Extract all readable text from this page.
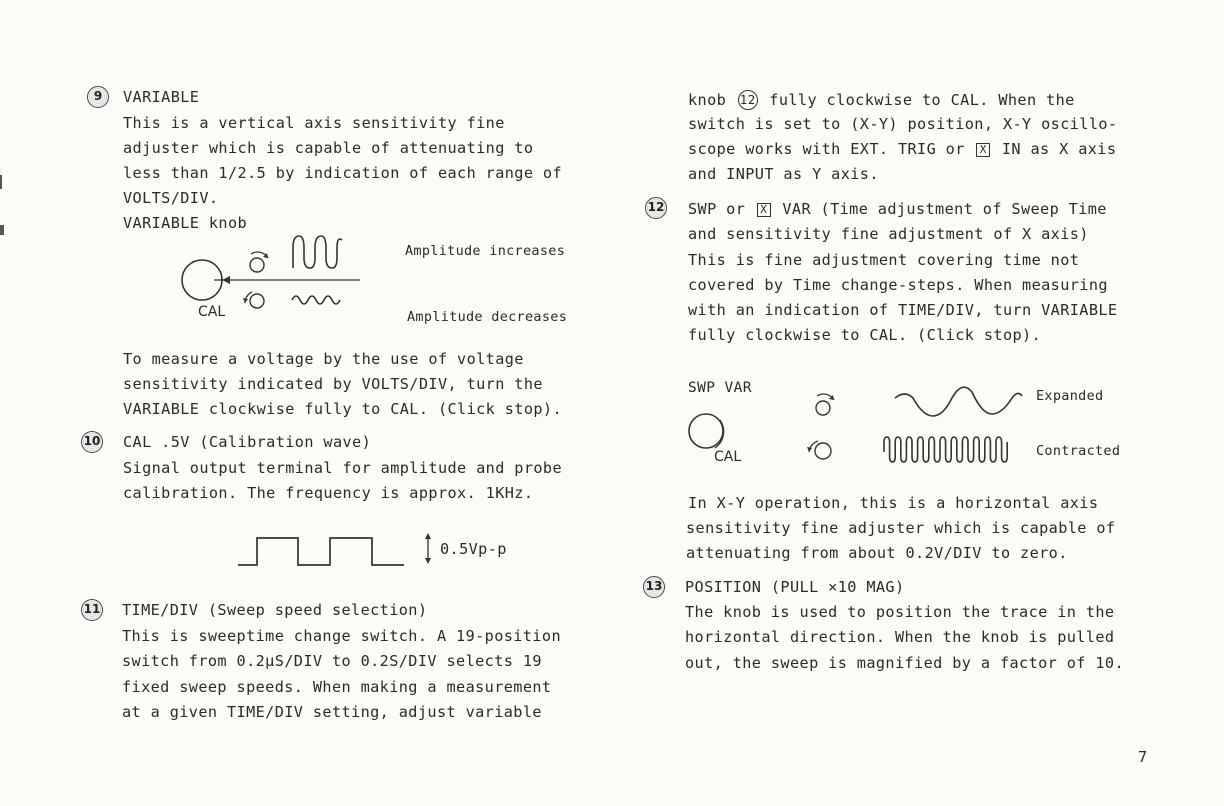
9	VARIABLE
This is a vertical axis sensitivity fine
adjuster which is capable of attenuating to
less than 1/2.5 by indication of each range of
VOLTS/DIV.
VARIABLE knob
CAL
Amplitude increases
Amplitude decreases
To measure a voltage by the use of voltage
sensitivity indicated by VOLTS/DIV, turn the
VARIABLE clockwise fully to CAL. (Click stop).
10 CAL .5V (Calibration wave)
Signal output terminal for amplitude and probe
calibration. The frequency is approx. 1KHz.
0.5Vp-p
11 TIME/DIV (Sweep speed selection)
This is sweeptime change switch. A 19-position
switch from 0.2µS/DIV to 0.2S/DIV selects 19
fixed sweep speeds. When making a measurement
at a given TIME/DIV setting, adjust variable
knob 12 fully clockwise to CAL. When the
switch is set to (X-Y) position, X-Y oscillo-
scope works with EXT. TRIG or X IN as X axis
and INPUT as Y axis.
12 SWP or X VAR (Time adjustment of Sweep Time
and sensitivity fine adjustment of X axis)
This is fine adjustment covering time not
covered by Time change-steps. When measuring
with an indication of TIME/DIV, turn VARIABLE
fully clockwise to CAL. (Click stop).
SWP VAR
CAL
Expanded
Contracted
In X-Y operation, this is a horizontal axis
sensitivity fine adjuster which is capable of
attenuating from about 0.2V/DIV to zero.
13 POSITION (PULL ×10 MAG)
The knob is used to position the trace in the
horizontal direction. When the knob is pulled
out, the sweep is magnified by a factor of 10.
7
